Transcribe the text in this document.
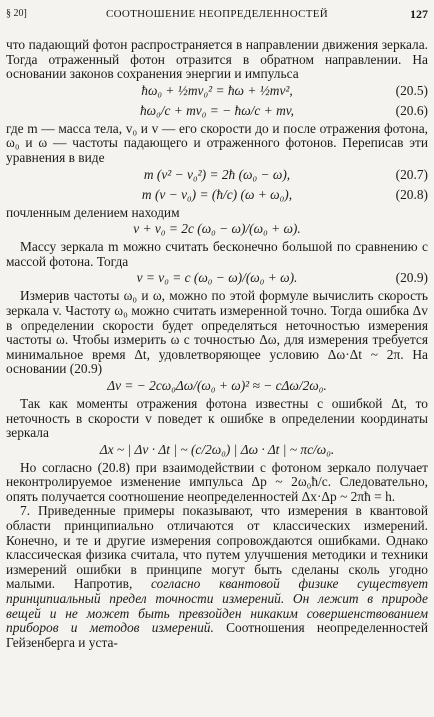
§ 20]	СООТНОШЕНИЕ НЕОПРЕДЕЛЕННОСТЕЙ	127

что падающий фотон распространяется в направлении движения зеркала. Тогда отраженный фотон отразится в обратном направлении. На основании законов сохранения энергии и импульса

ħω₀ + ½mv₀² = ħω + ½mv²,	(20.5)
ħω₀/c + mv₀ = − ħω/c + mv,	(20.6)

где m — масса тела, v₀ и v — его скорости до и после отражения фотона, ω₀ и ω — частоты падающего и отраженного фотонов. Переписав эти уравнения в виде

m (v² − v₀²) = 2ħ (ω₀ − ω),	(20.7)
m (v − v₀) = (ħ/c) (ω + ω₀),	(20.8)

почленным делением находим

v + v₀ = 2c (ω₀ − ω)/(ω₀ + ω).

Массу зеркала m можно считать бесконечно большой по сравнению с массой фотона. Тогда

v = v₀ = c (ω₀ − ω)/(ω₀ + ω).	(20.9)

Измерив частоты ω₀ и ω, можно по этой формуле вычислить скорость зеркала v. Частоту ω₀ можно считать измеренной точно. Тогда ошибка Δv в определении скорости будет определяться неточностью измерения частоты ω. Чтобы измерить ω с точностью Δω, для измерения требуется минимальное время Δt, удовлетворяющее условию Δω·Δt ~ 2π. На основании (20.9)

Δv = − 2cω₀Δω/(ω₀ + ω)² ≈ − cΔω/2ω₀.

Так как моменты отражения фотона известны с ошибкой Δt, то неточность в скорости v поведет к ошибке в определении координаты зеркала

Δx ~ | Δv · Δt | ~ (c/2ω₀) | Δω · Δt | ~ πc/ω₀.

Но согласно (20.8) при взаимодействии с фотоном зеркало получает неконтролируемое изменение импульса Δp ~ 2ω₀ħ/c. Следовательно, опять получается соотношение неопределенностей Δx·Δp ~ 2πħ = h.

7. Приведенные примеры показывают, что измерения в квантовой области принципиально отличаются от классических измерений. Конечно, и те и другие измерения сопровождаются ошибками. Однако классическая физика считала, что путем улучшения методики и техники измерений ошибки в принципе могут быть сделаны сколь угодно малыми. Напротив, согласно квантовой физике существует принципиальный предел точности измерений. Он лежит в природе вещей и не может быть превзойден никаким совершенствованием приборов и методов измерений. Соотношения неопределенностей Гейзенберга и уста-
